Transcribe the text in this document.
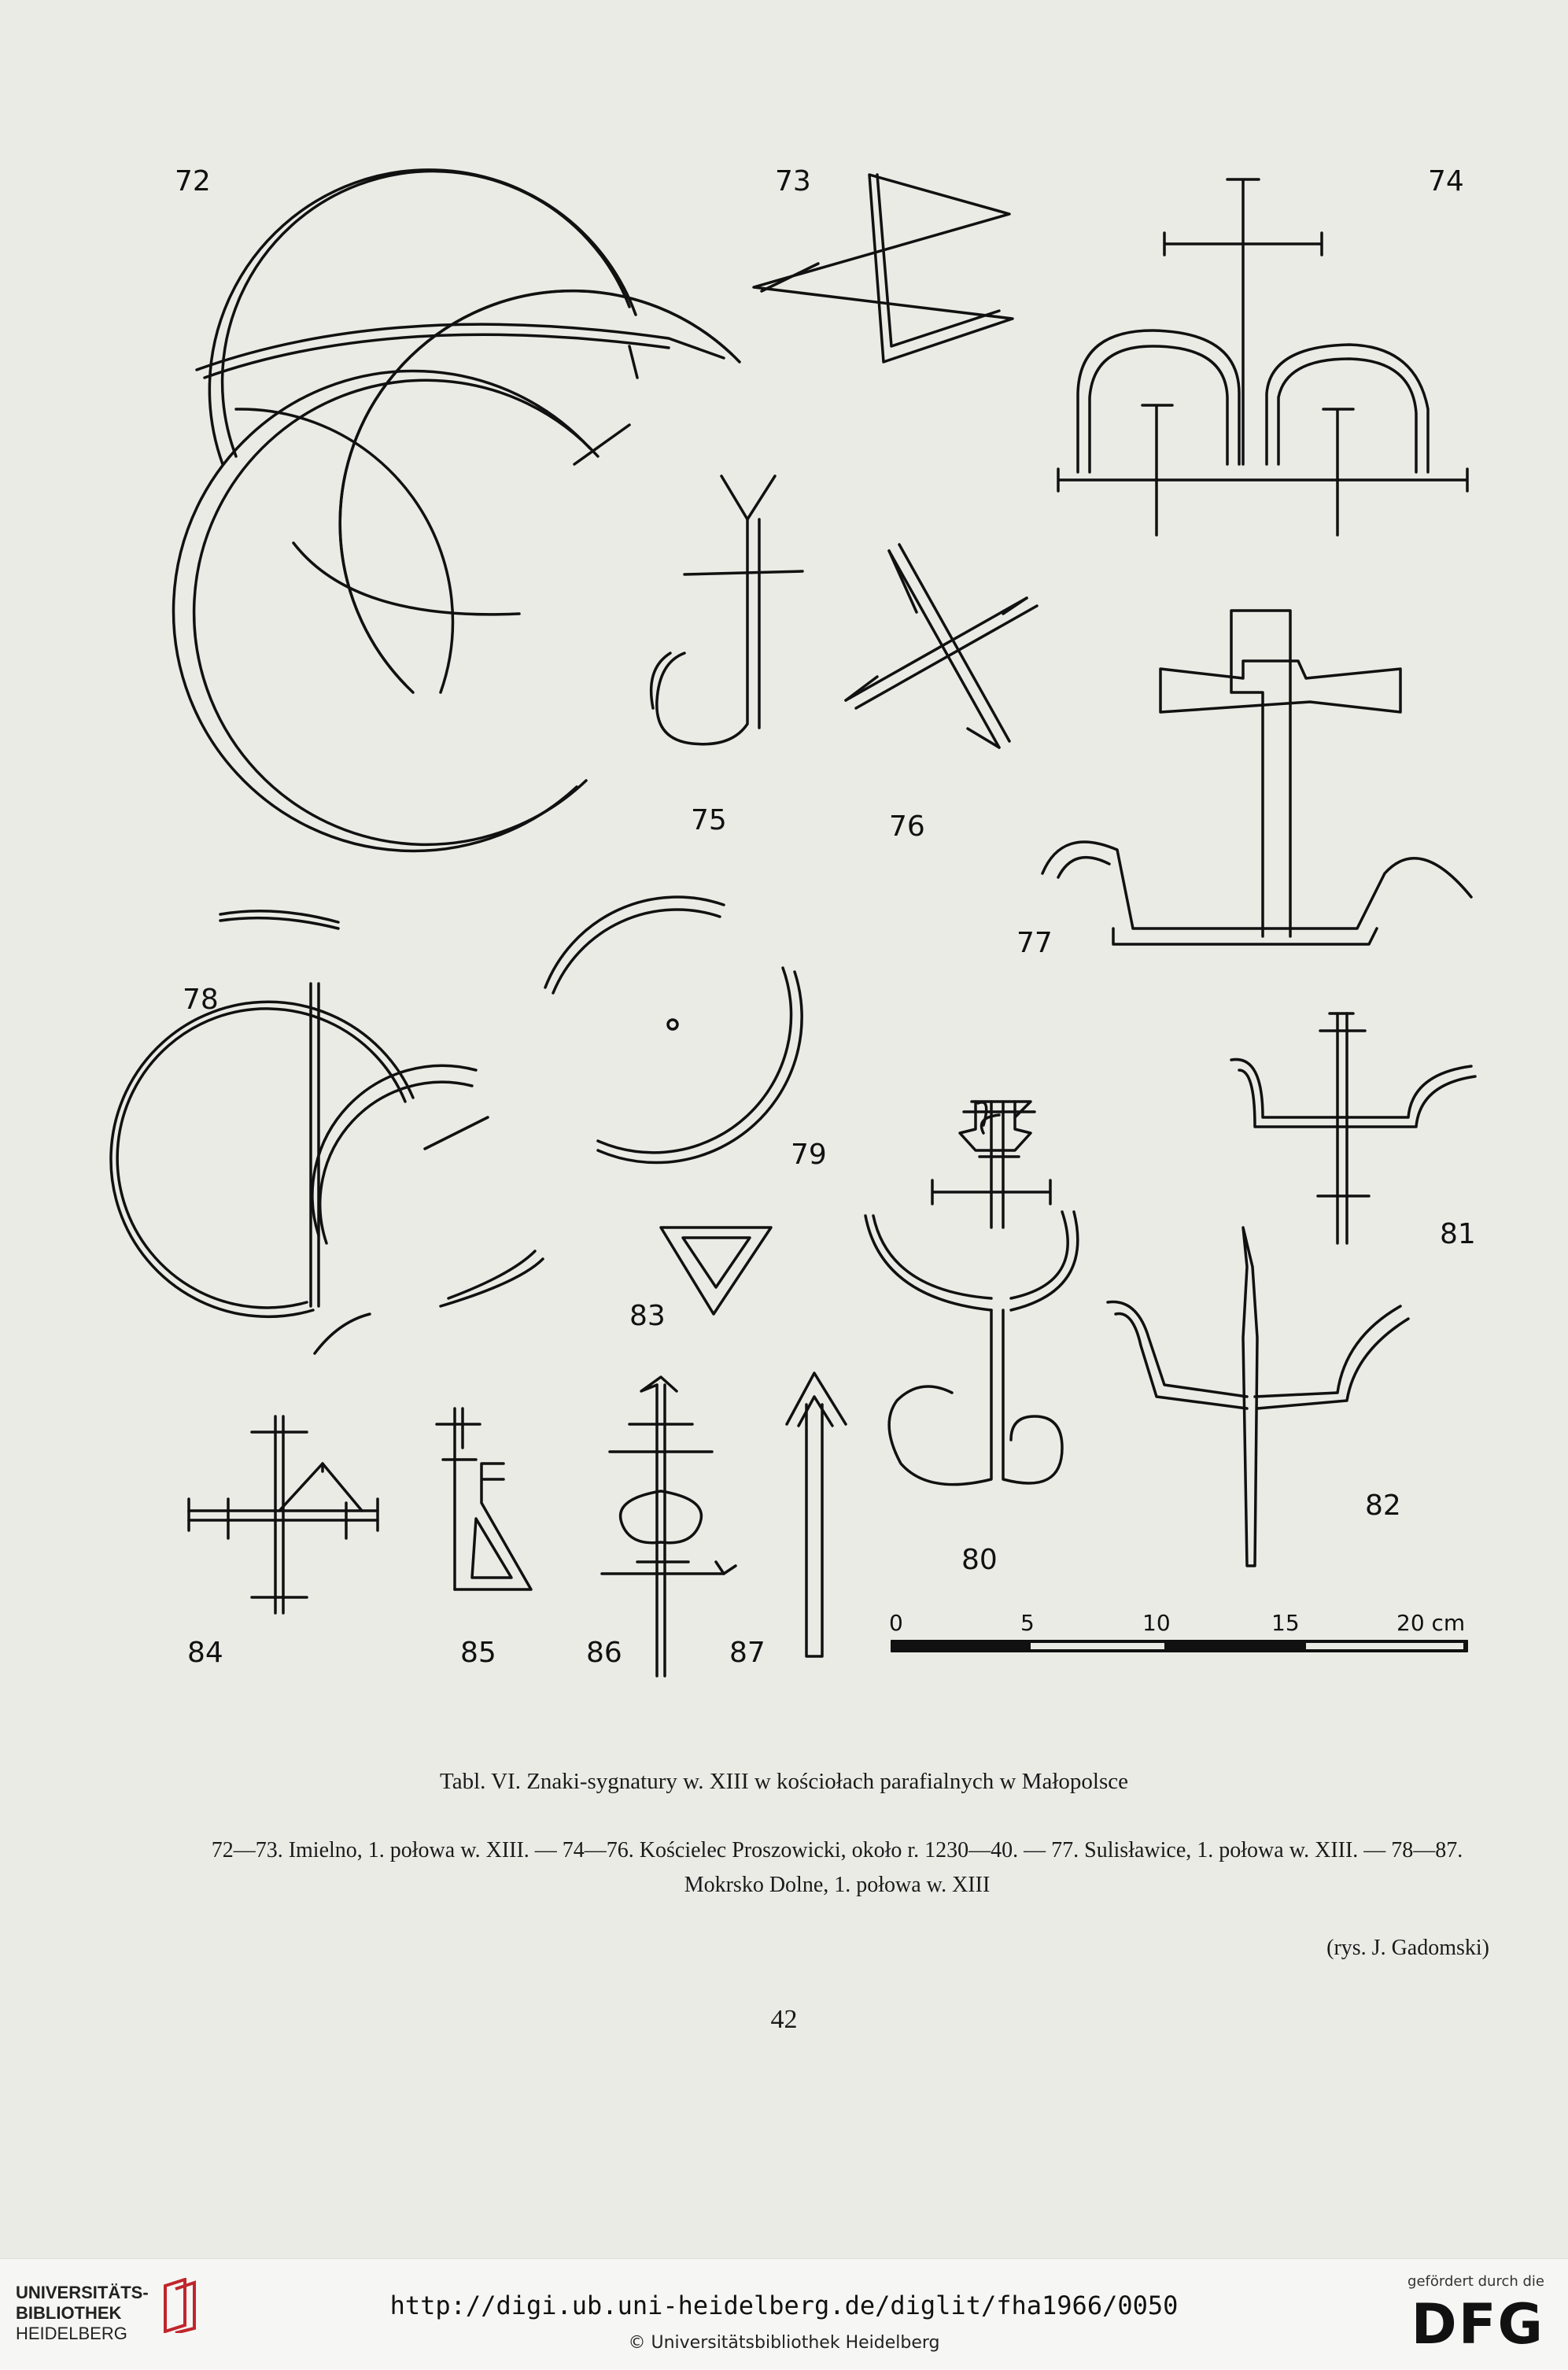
72	73	74
75	76
77
78
79
80
81
82
83
84	85	86	87
0	5	10	15	20 cm
Tabl. VI. Znaki-sygnatury w. XIII w kościołach parafialnych w Małopolsce
72—73. Imielno, 1. połowa w. XIII. — 74—76. Kościelec Proszowicki, około r. 1230—40. — 77. Sulisławice, 1. połowa w. XIII. — 78—87. Mokrsko Dolne, 1. połowa w. XIII
(rys. J. Gadomski)
42
UNIVERSITÄTS-
BIBLIOTHEK
HEIDELBERG
http://digi.ub.uni-heidelberg.de/diglit/fha1966/0050
© Universitätsbibliothek Heidelberg
gefördert durch die
DFG
